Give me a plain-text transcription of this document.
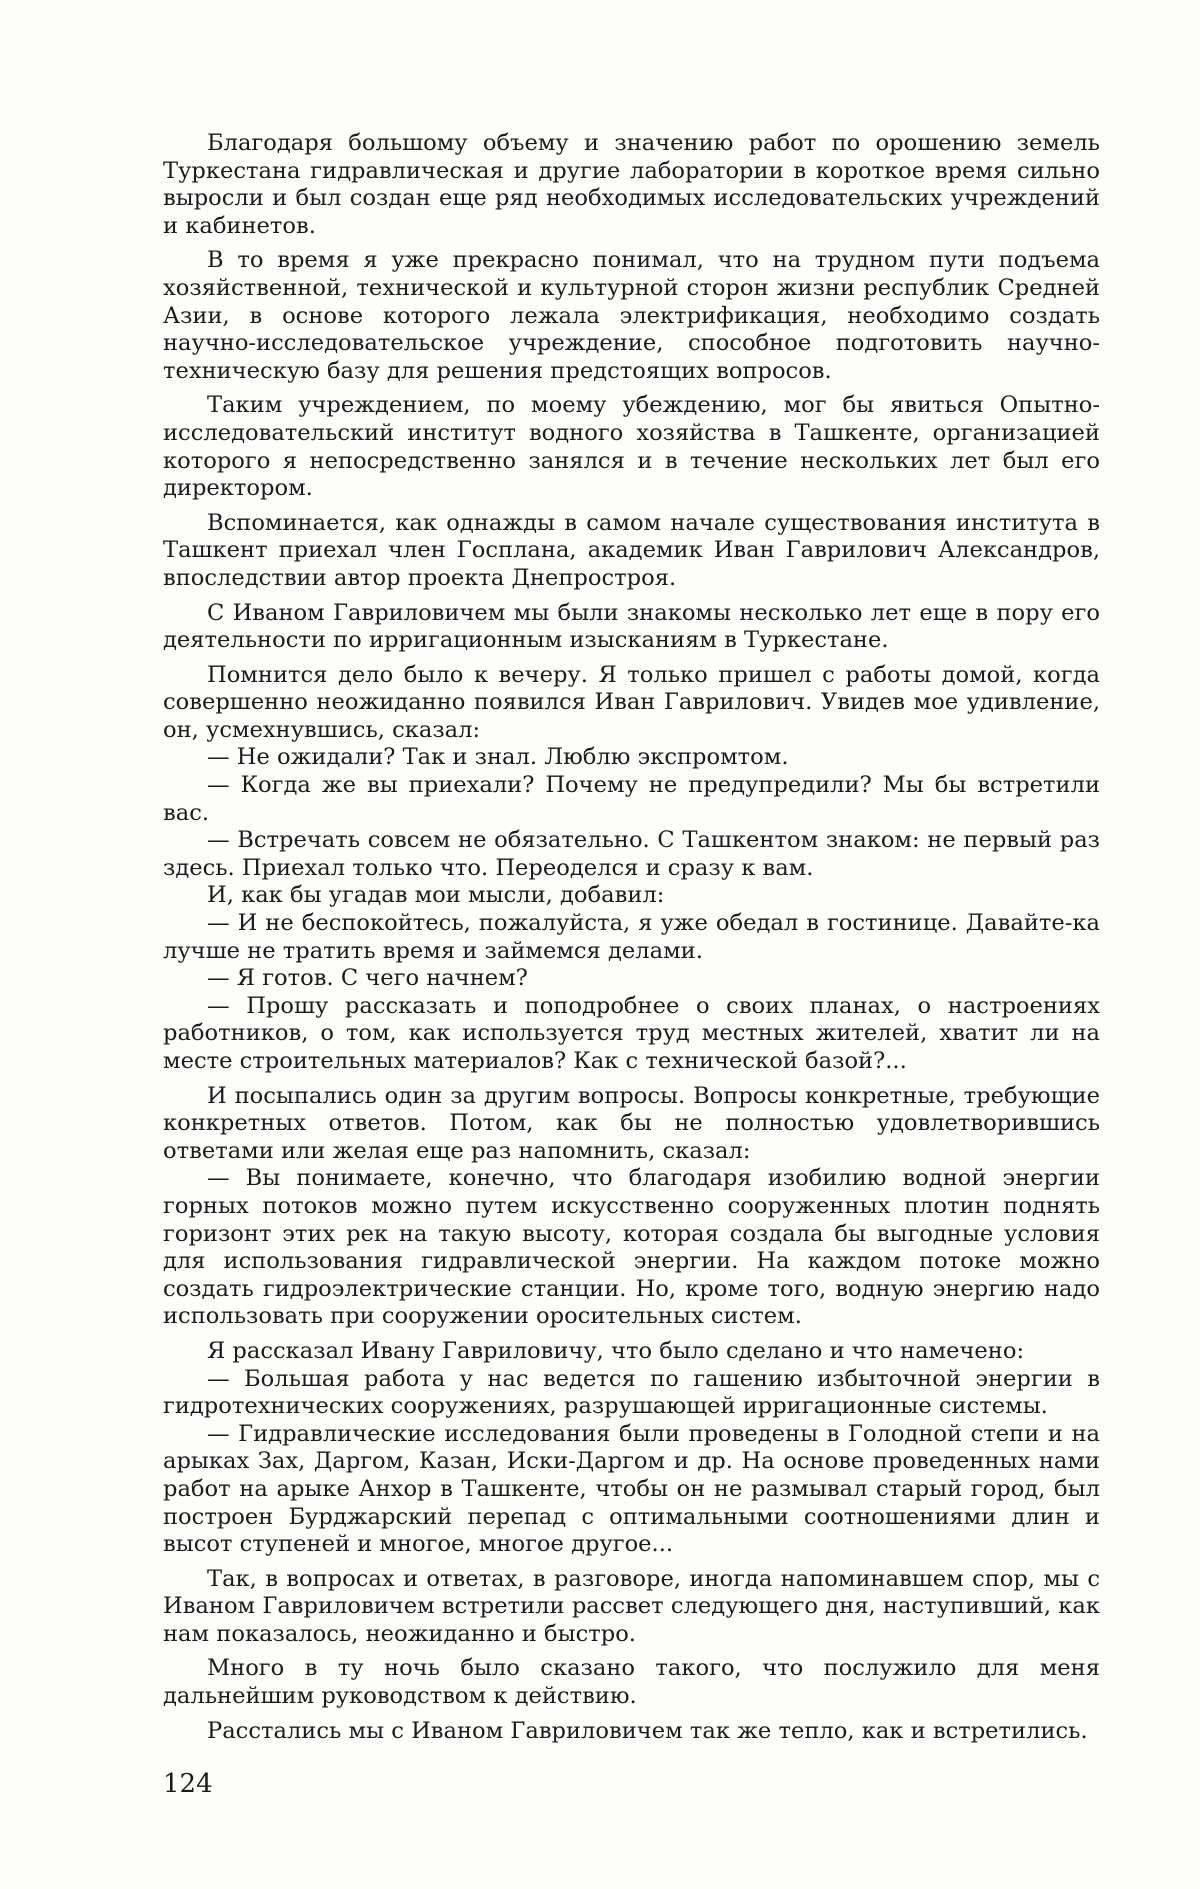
Благодаря большому объему и значению работ по орошению земель Туркестана гидравлическая и другие лаборатории в короткое время сильно выросли и был создан еще ряд необходимых исследовательских учреждений и кабинетов.

В то время я уже прекрасно понимал, что на трудном пути подъема хозяйственной, технической и культурной сторон жизни республик Средней Азии, в основе которого лежала электрификация, необходимо создать научно-исследовательское учреждение, способное подготовить научно-техническую базу для решения предстоящих вопросов.

Таким учреждением, по моему убеждению, мог бы явиться Опытно-исследовательский институт водного хозяйства в Ташкенте, организацией которого я непосредственно занялся и в течение нескольких лет был его директором.

Вспоминается, как однажды в самом начале существования института в Ташкент приехал член Госплана, академик Иван Гаврилович Александров, впоследствии автор проекта Днепростроя.

С Иваном Гавриловичем мы были знакомы несколько лет еще в пору его деятельности по ирригационным изысканиям в Туркестане.

Помнится дело было к вечеру. Я только пришел с работы домой, когда совершенно неожиданно появился Иван Гаврилович. Увидев мое удивление, он, усмехнувшись, сказал:

— Не ожидали? Так и знал. Люблю экспромтом.

— Когда же вы приехали? Почему не предупредили? Мы бы встретили вас.

— Встречать совсем не обязательно. С Ташкентом знаком: не первый раз здесь. Приехал только что. Переоделся и сразу к вам.

И, как бы угадав мои мысли, добавил:

— И не беспокойтесь, пожалуйста, я уже обедал в гостинице. Давайте-ка лучше не тратить время и займемся делами.

— Я готов. С чего начнем?

— Прошу рассказать и поподробнее о своих планах, о настроениях работников, о том, как используется труд местных жителей, хватит ли на месте строительных материалов? Как с технической базой?...

И посыпались один за другим вопросы. Вопросы конкретные, требующие конкретных ответов. Потом, как бы не полностью удовлетворившись ответами или желая еще раз напомнить, сказал:

— Вы понимаете, конечно, что благодаря изобилию водной энергии горных потоков можно путем искусственно сооруженных плотин поднять горизонт этих рек на такую высоту, которая создала бы выгодные условия для использования гидравлической энергии. На каждом потоке можно создать гидроэлектрические станции. Но, кроме того, водную энергию надо использовать при сооружении оросительных систем.

Я рассказал Ивану Гавриловичу, что было сделано и что намечено:

— Большая работа у нас ведется по гашению избыточной энергии в гидротехнических сооружениях, разрушающей ирригационные системы.

— Гидравлические исследования были проведены в Голодной степи и на арыках Зах, Даргом, Казан, Иски-Даргом и др. На основе проведенных нами работ на арыке Анхор в Ташкенте, чтобы он не размывал старый город, был построен Бурджарский перепад с оптимальными соотношениями длин и высот ступеней и многое, многое другое...

Так, в вопросах и ответах, в разговоре, иногда напоминавшем спор, мы с Иваном Гавриловичем встретили рассвет следующего дня, наступивший, как нам показалось, неожиданно и быстро.

Много в ту ночь было сказано такого, что послужило для меня дальнейшим руководством к действию.

Расстались мы с Иваном Гавриловичем так же тепло, как и встретились.

124
